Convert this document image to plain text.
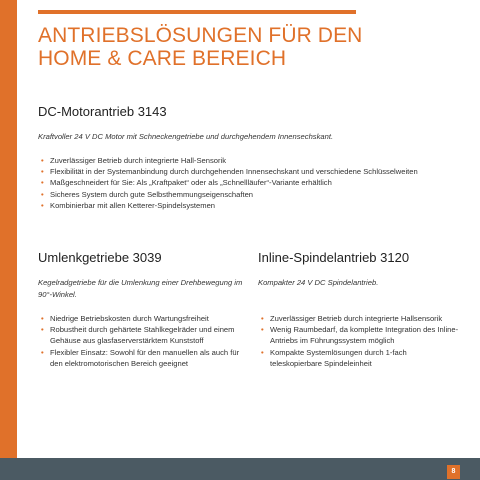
ANTRIEBSLÖSUNGEN FÜR DEN
HOME & CARE BEREICH
DC-Motorantrieb 3143

Kraftvoller 24 V DC Motor mit Schneckengetriebe und durchgehendem Innensechskant.

• Zuverlässiger Betrieb durch integrierte Hall-Sensorik
• Flexibilität in der Systemanbindung durch durchgehenden Innensechskant und verschiedene Schlüsselweiten
• Maßgeschneidert für Sie: Als „Kraftpaket“ oder als „Schnellläufer“-Variante erhältlich
• Sicheres System durch gute Selbsthemmungseigenschaften
• Kombinierbar mit allen Ketterer-Spindelsystemen
Umlenkgetriebe 3039

Kegelradgetriebe für die Umlenkung einer Drehbewegung im 90°-Winkel.

• Niedrige Betriebskosten durch Wartungsfreiheit
• Robustheit durch gehärtete Stahlkegelräder und einem Gehäuse aus glasfaserverstärktem Kunststoff
• Flexibler Einsatz: Sowohl für den manuellen als auch für den elektromotorischen Bereich geeignet
Inline-Spindelantrieb 3120

Kompakter 24 V DC Spindelantrieb.

• Zuverlässiger Betrieb durch integrierte Hallsensorik
• Wenig Raumbedarf, da komplette Integration des Inline-Antriebs im Führungssystem möglich
• Kompakte Systemlösungen durch 1-fach teleskopierbare Spindeleinheit
8
